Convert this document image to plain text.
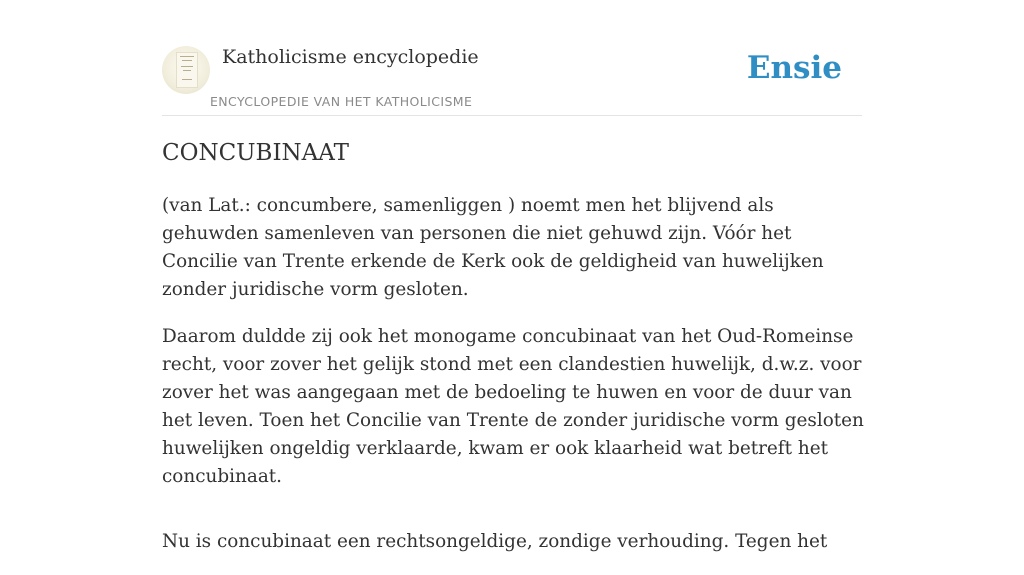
Katholicisme encyclopedie
ENCYCLOPEDIE VAN HET KATHOLICISME
Ensie
CONCUBINAAT

(van Lat.: concumbere, samenliggen ) noemt men het blijvend als gehuwden samenleven van personen die niet gehuwd zijn. Vóór het Concilie van Trente erkende de Kerk ook de geldigheid van huwelijken zonder juridische vorm gesloten.

Daarom duldde zij ook het monogame concubinaat van het Oud-Romeinse recht, voor zover het gelijk stond met een clandestien huwelijk, d.w.z. voor zover het was aangegaan met de bedoeling te huwen en voor de duur van het leven. Toen het Concilie van Trente de zonder juridische vorm gesloten huwelijken ongeldig verklaarde, kwam er ook klaarheid wat betreft het concubinaat.

Nu is concubinaat een rechtsongeldige, zondige verhouding. Tegen het
